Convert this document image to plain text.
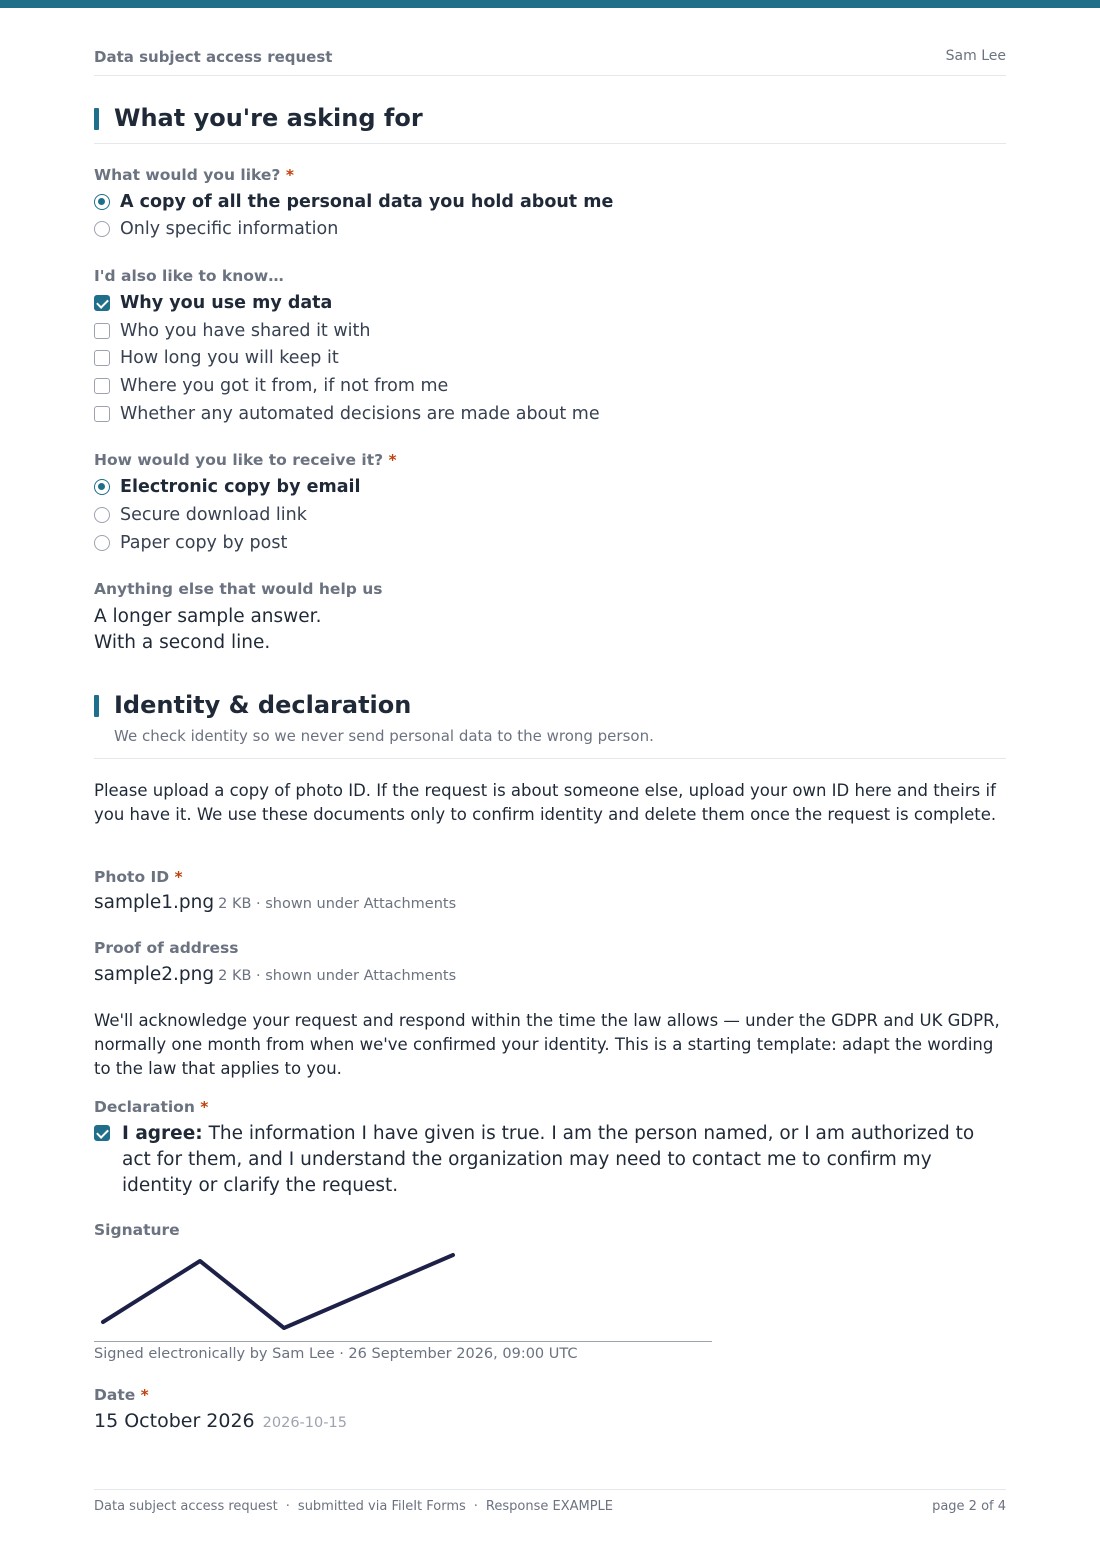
Data subject access request	Sam Lee
What you're asking for
What would you like? *
A copy of all the personal data you hold about me
Only specific information
I'd also like to know…
Why you use my data
Who you have shared it with
How long you will keep it
Where you got it from, if not from me
Whether any automated decisions are made about me
How would you like to receive it? *
Electronic copy by email
Secure download link
Paper copy by post
Anything else that would help us
A longer sample answer.
With a second line.
Identity & declaration
We check identity so we never send personal data to the wrong person.
Please upload a copy of photo ID. If the request is about someone else, upload your own ID here and theirs if you have it. We use these documents only to confirm identity and delete them once the request is complete.
Photo ID *
sample1.png 2 KB · shown under Attachments
Proof of address
sample2.png 2 KB · shown under Attachments
We'll acknowledge your request and respond within the time the law allows — under the GDPR and UK GDPR, normally one month from when we've confirmed your identity. This is a starting template: adapt the wording to the law that applies to you.
Declaration *
I agree: The information I have given is true. I am the person named, or I am authorized to act for them, and I understand the organization may need to contact me to confirm my identity or clarify the request.
Signature
Signed electronically by Sam Lee · 26 September 2026, 09:00 UTC
Date *
15 October 2026 2026-10-15
Data subject access request · submitted via FileIt Forms · Response EXAMPLE	page 2 of 4
